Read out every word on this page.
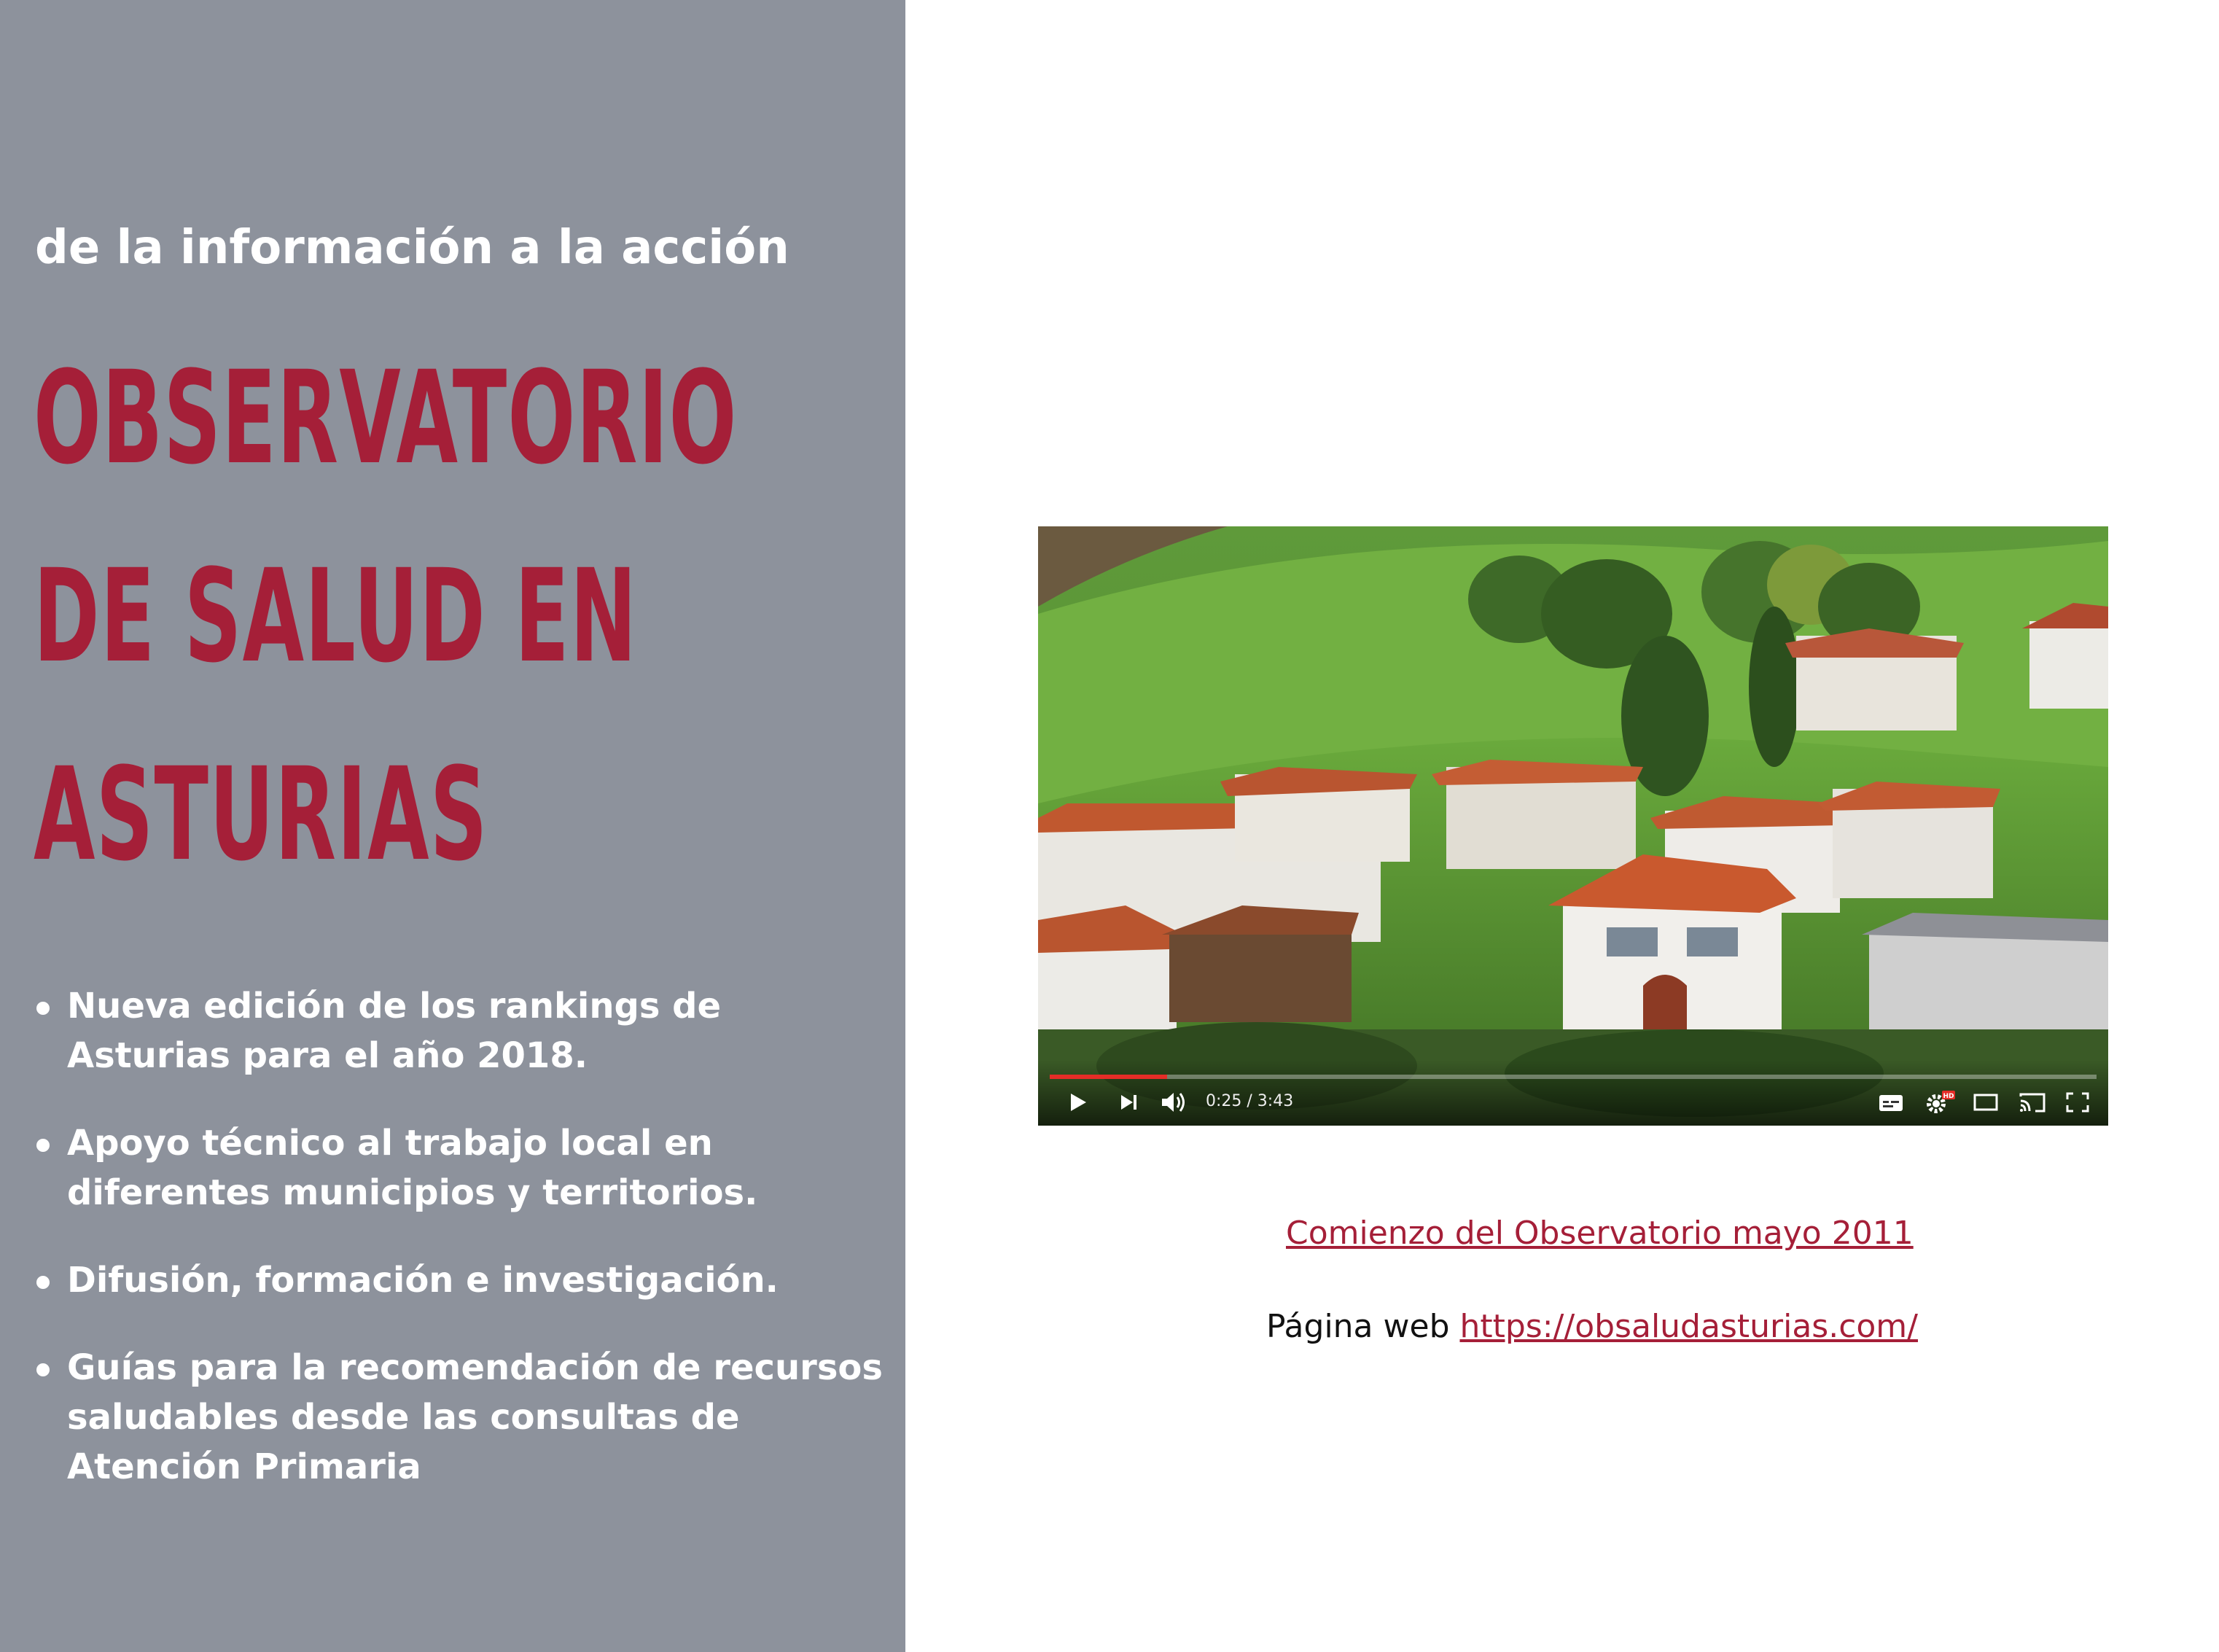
de la información a la acción
OBSERVATORIO
DE SALUD EN
ASTURIAS
Nueva edición de los rankings de Asturias para el año 2018.
Apoyo técnico al trabajo local en diferentes municipios y territorios.
Difusión, formación e investigación.
Guías para la recomendación de recursos saludables desde las consultas de Atención Primaria
0:25 / 3:43	HD
Comienzo del Observatorio mayo 2011
Página web https://obsaludasturias.com/
